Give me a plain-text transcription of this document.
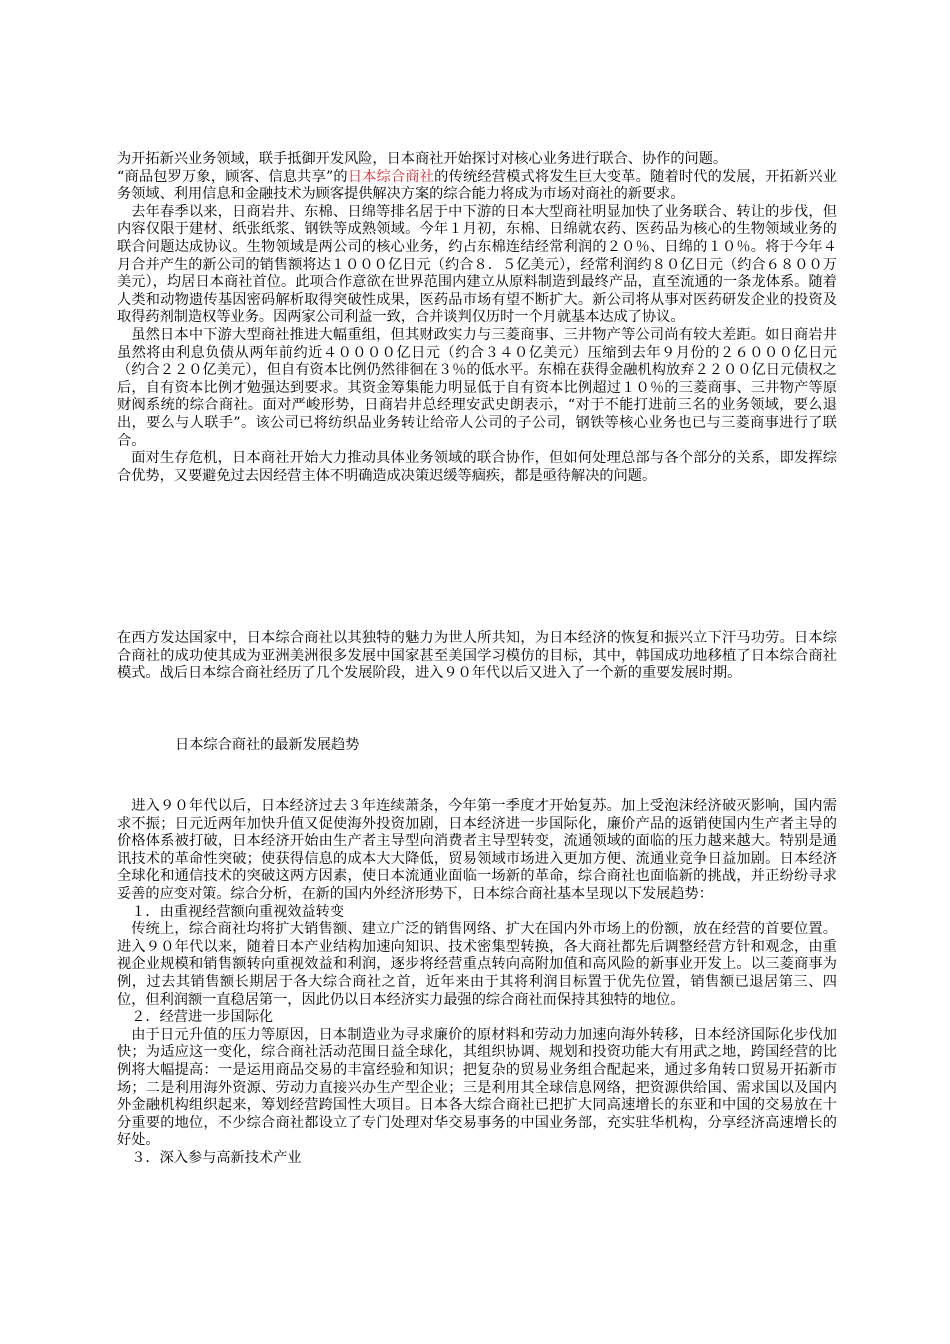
为开拓新兴业务领域，联手抵御开发风险，日本商社开始探讨对核心业务进行联合、协作的问题。
“商品包罗万象，顾客、信息共享”的日本综合商社的传统经营模式将发生巨大变革。随着时代的发展，开拓新兴业务领域、利用信息和金融技术为顾客提供解决方案的综合能力将成为市场对商社的新要求。

去年春季以来，日商岩井、东棉、日绵等排名居于中下游的日本大型商社明显加快了业务联合、转让的步伐，但内容仅限于建材、纸张纸浆、钢铁等成熟领域。今年１月初，东棉、日绵就农药、医药品为核心的生物领域业务的联合问题达成协议。生物领域是两公司的核心业务，约占东棉连结经常利润的２０％、日绵的１０％。将于今年４月合并产生的新公司的销售额将达１０００亿日元（约合８．５亿美元），经常利润约８０亿日元（约合６８００万美元），均居日本商社首位。此项合作意欲在世界范围内建立从原料制造到最终产品，直至流通的一条龙体系。随着人类和动物遗传基因密码解析取得突破性成果，医药品市场有望不断扩大。新公司将从事对医药研发企业的投资及取得药剂制造权等业务。因两家公司利益一致，合并谈判仅历时一个月就基本达成了协议。

虽然日本中下游大型商社推进大幅重组，但其财政实力与三菱商事、三井物产等公司尚有较大差距。如日商岩井虽然将由利息负债从两年前约近４００００亿日元（约合３４０亿美元）压缩到去年９月份的２６０００亿日元（约合２２０亿美元），但自有资本比例仍然徘徊在３％的低水平。东棉在获得金融机构放弃２２００亿日元债权之后，自有资本比例才勉强达到要求。其资金筹集能力明显低于自有资本比例超过１０％的三菱商事、三井物产等原财阀系统的综合商社。面对严峻形势，日商岩井总经理安武史朗表示，“对于不能打进前三名的业务领域，要么退出，要么与人联手”。该公司已将纺织品业务转让给帝人公司的子公司，钢铁等核心业务也已与三菱商事进行了联合。

面对生存危机，日本商社开始大力推动具体业务领域的联合协作，但如何处理总部与各个部分的关系，即发挥综合优势，又要避免过去因经营主体不明确造成决策迟缓等痼疾，都是亟待解决的问题。

在西方发达国家中，日本综合商社以其独特的魅力为世人所共知，为日本经济的恢复和振兴立下汗马功劳。日本综合商社的成功使其成为亚洲美洲很多发展中国家甚至美国学习模仿的目标，其中，韩国成功地移植了日本综合商社模式。战后日本综合商社经历了几个发展阶段，进入９０年代以后又进入了一个新的重要发展时期。

日本综合商社的最新发展趋势

进入９０年代以后，日本经济过去３年连续萧条，今年第一季度才开始复苏。加上受泡沫经济破灭影响，国内需求不振；日元近两年加快升值又促使海外投资加剧，日本经济进一步国际化，廉价产品的返销使国内生产者主导的价格体系被打破，日本经济开始由生产者主导型向消费者主导型转变，流通领域的面临的压力越来越大。特别是通讯技术的革命性突破；使获得信息的成本大大降低，贸易领域市场进入更加方便、流通业竞争日益加剧。日本经济全球化和通信技术的突破这两方因素，使日本流通业面临一场新的革命，综合商社也面临新的挑战，并正纷纷寻求妥善的应变对策。综合分析，在新的国内外经济形势下，日本综合商社基本呈现以下发展趋势：

１．由重视经营额向重视效益转变

传统上，综合商社均将扩大销售额、建立广泛的销售网络、扩大在国内外市场上的份额，放在经营的首要位置。进入９０年代以来，随着日本产业结构加速向知识、技术密集型转换，各大商社都先后调整经营方针和观念，由重视企业规模和销售额转向重视效益和利润，逐步将经营重点转向高附加值和高风险的新事业开发上。以三菱商事为例，过去其销售额长期居于各大综合商社之首，近年来由于其将利润目标置于优先位置，销售额已退居第三、四位，但利润额一直稳居第一，因此仍以日本经济实力最强的综合商社而保持其独特的地位。

２．经营进一步国际化

由于日元升值的压力等原因，日本制造业为寻求廉价的原材料和劳动力加速向海外转移，日本经济国际化步伐加快；为适应这一变化，综合商社活动范围日益全球化，其组织协调、规划和投资功能大有用武之地，跨国经营的比例将大幅提高：一是运用商品交易的丰富经验和知识；把复杂的贸易业务组合配起来，通过多角转口贸易开拓新市场；二是利用海外资源、劳动力直接兴办生产型企业；三是利用其全球信息网络，把资源供给国、需求国以及国内外金融机构组织起来，筹划经营跨国性大项目。日本各大综合商社已把扩大同高速增长的东亚和中国的交易放在十分重要的地位，不少综合商社都设立了专门处理对华交易事务的中国业务部，充实驻华机构，分享经济高速增长的好处。

３．深入参与高新技术产业
